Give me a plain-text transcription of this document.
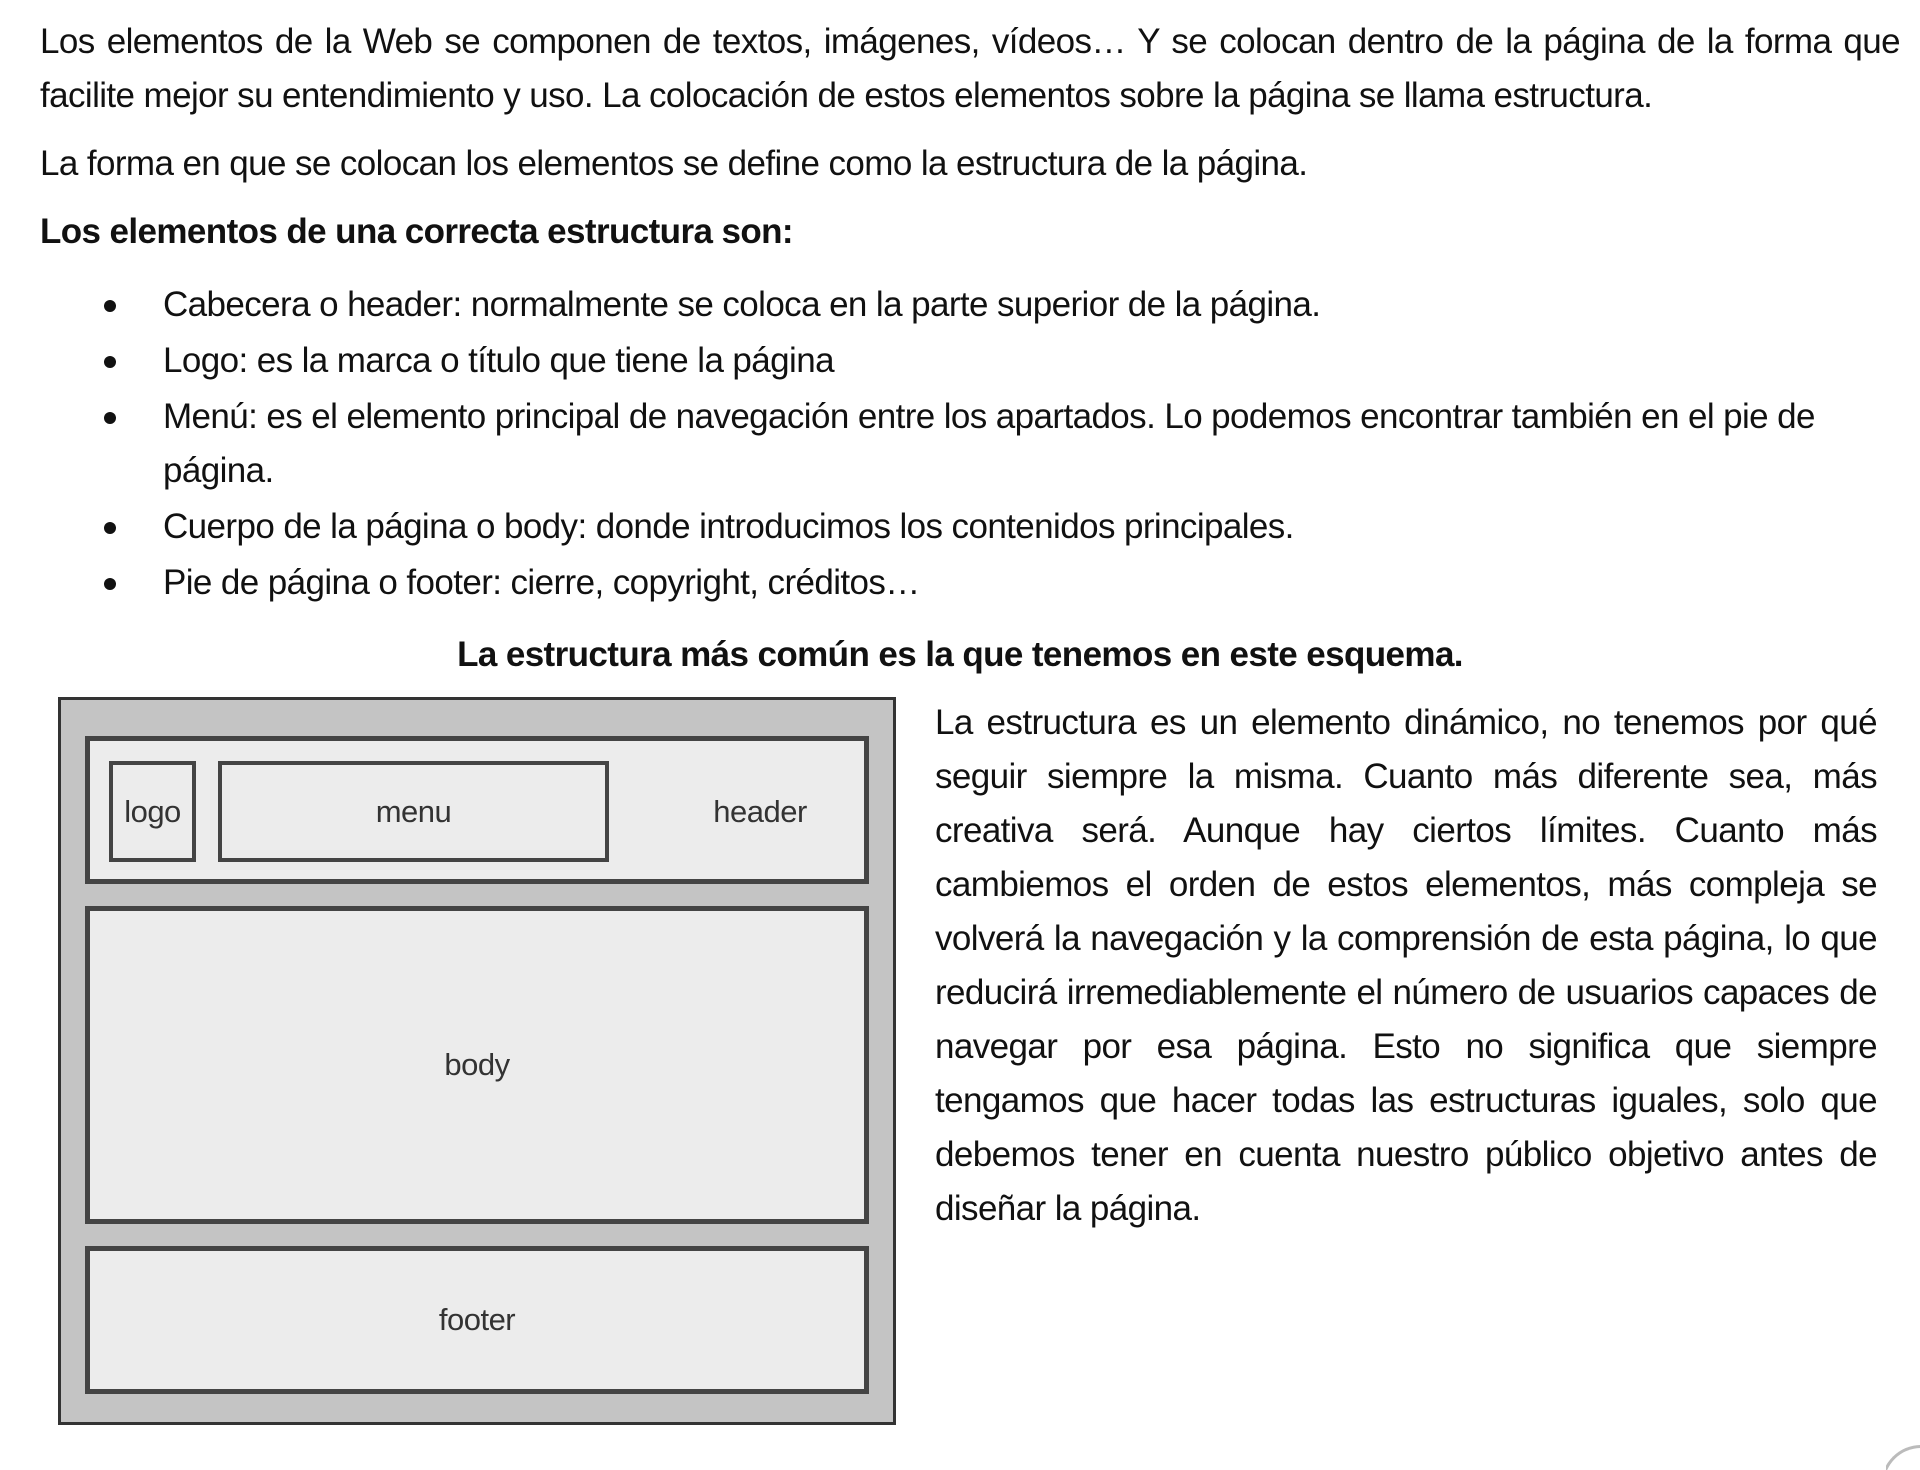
Los elementos de la Web se componen de textos, imágenes, vídeos… Y se colocan dentro de la página de la forma que facilite mejor su entendimiento y uso. La colocación de estos elementos sobre la página se llama estructura.

La forma en que se colocan los elementos se define como la estructura de la página.

Los elementos de una correcta estructura son:

Cabecera o header: normalmente se coloca en la parte superior de la página.
Logo: es la marca o título que tiene la página
Menú: es el elemento principal de navegación entre los apartados. Lo podemos encontrar también en el pie de página.
Cuerpo de la página o body: donde introducimos los contenidos principales.
Pie de página o footer: cierre, copyright, créditos…

La estructura más común es la que tenemos en este esquema.

logo	menu	header
body
footer

La estructura es un elemento dinámico, no tenemos por qué seguir siempre la misma. Cuanto más diferente sea, más creativa será. Aunque hay ciertos límites. Cuanto más cambiemos el orden de estos elementos, más compleja se volverá la navegación y la comprensión de esta página, lo que reducirá irremediablemente el número de usuarios capaces de navegar por esa página. Esto no significa que siempre tengamos que hacer todas las estructuras iguales, solo que debemos tener en cuenta nuestro público objetivo antes de diseñar la página.
